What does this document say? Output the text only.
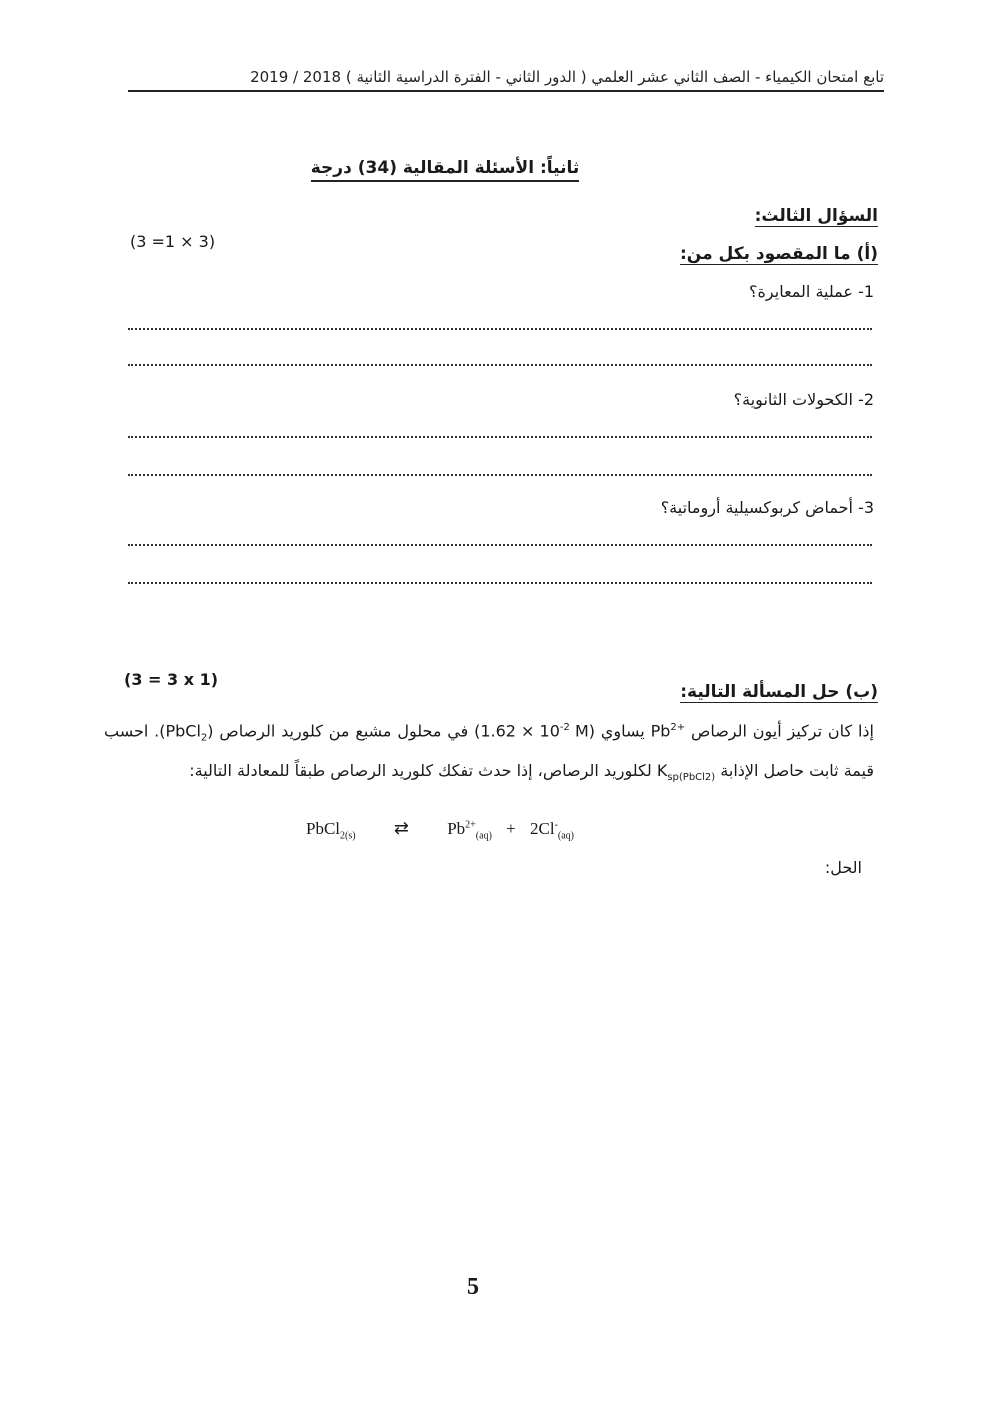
تابع امتحان الكيمياء - الصف الثاني عشر العلمي ( الدور الثاني - الفترة الدراسية الثانية ) 2018 / 2019
ثانياً: الأسئلة المقالية (34) درجة
السؤال الثالث:
(3 =1 × 3)
(أ) ما المقصود بكل من:
1- عملية المعايرة؟
2- الكحولات الثانوية؟
3- أحماض كربوكسيلية أروماتية؟
(3 = 3 x 1)
(ب) حل المسألة التالية:
إذا كان تركيز أيون الرصاص $Pb^{2+}$ يساوي ($1.62 \times 10^{-2}$ M) في محلول مشبع من كلوريد الرصاص (PbCl$_2$). احسب قيمة ثابت حاصل الإذابة $K_{sp(PbCl2)}$ لكلوريد الرصاص، إذا حدث تفكك كلوريد الرصاص طبقاً للمعادلة التالية:
PbCl$_{2(s)}$ ⇄ $Pb^{2+}_{(aq)} + 2Cl^-_{(aq)}$
الحل:
5
